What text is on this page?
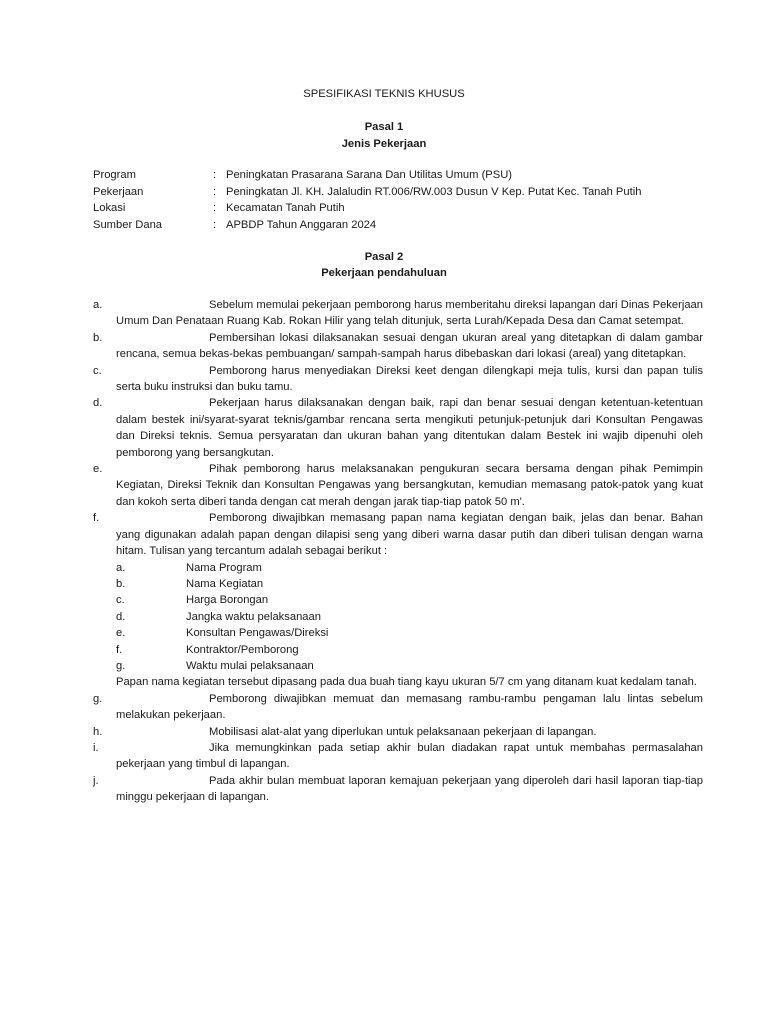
SPESIFIKASI TEKNIS KHUSUS
Pasal 1
Jenis Pekerjaan
Program	: Peningkatan Prasarana Sarana Dan Utilitas Umum (PSU)
Pekerjaan	: Peningkatan Jl. KH. Jalaludin RT.006/RW.003 Dusun V Kep. Putat Kec. Tanah Putih
Lokasi	: Kecamatan Tanah Putih
Sumber Dana	: APBDP Tahun Anggaran 2024
Pasal 2
Pekerjaan pendahuluan
a.	Sebelum memulai pekerjaan pemborong harus memberitahu direksi lapangan dari Dinas Pekerjaan Umum Dan Penataan Ruang Kab. Rokan Hilir yang telah ditunjuk, serta Lurah/Kepada Desa dan Camat setempat.
b.	Pembersihan lokasi dilaksanakan sesuai dengan ukuran areal yang ditetapkan di dalam gambar rencana, semua bekas-bekas pembuangan/ sampah-sampah harus dibebaskan dari lokasi (areal) yang ditetapkan.
c.	Pemborong harus menyediakan Direksi keet dengan dilengkapi meja tulis, kursi dan papan tulis serta buku instruksi dan buku tamu.
d.	Pekerjaan harus dilaksanakan dengan baik, rapi dan benar sesuai dengan ketentuan-ketentuan dalam bestek ini/syarat-syarat teknis/gambar rencana serta mengikuti petunjuk-petunjuk dari Konsultan Pengawas dan Direksi teknis. Semua persyaratan dan ukuran bahan yang ditentukan dalam Bestek ini wajib dipenuhi oleh pemborong yang bersangkutan.
e.	Pihak pemborong harus melaksanakan pengukuran secara bersama dengan pihak Pemimpin Kegiatan, Direksi Teknik dan Konsultan Pengawas yang bersangkutan, kemudian memasang patok-patok yang kuat dan kokoh serta diberi tanda dengan cat merah dengan jarak tiap-tiap patok 50 m'.
f.	Pemborong diwajibkan memasang papan nama kegiatan dengan baik, jelas dan benar. Bahan yang digunakan adalah papan dengan dilapisi seng yang diberi warna dasar putih dan diberi tulisan dengan warna hitam. Tulisan yang tercantum adalah sebagai berikut :
a.	Nama Program
b.	Nama Kegiatan
c.	Harga Borongan
d.	Jangka waktu pelaksanaan
e.	Konsultan Pengawas/Direksi
f.	Kontraktor/Pemborong
g.	Waktu mulai pelaksanaan
Papan nama kegiatan tersebut dipasang pada dua buah tiang kayu ukuran 5/7 cm yang ditanam kuat kedalam tanah.
g.	Pemborong diwajibkan memuat dan memasang rambu-rambu pengaman lalu lintas sebelum melakukan pekerjaan.
h.	Mobilisasi alat-alat yang diperlukan untuk pelaksanaan pekerjaan di lapangan.
i.	Jika memungkinkan pada setiap akhir bulan diadakan rapat untuk membahas permasalahan pekerjaan yang timbul di lapangan.
j.	Pada akhir bulan membuat laporan kemajuan pekerjaan yang diperoleh dari hasil laporan tiap-tiap minggu pekerjaan di lapangan.
